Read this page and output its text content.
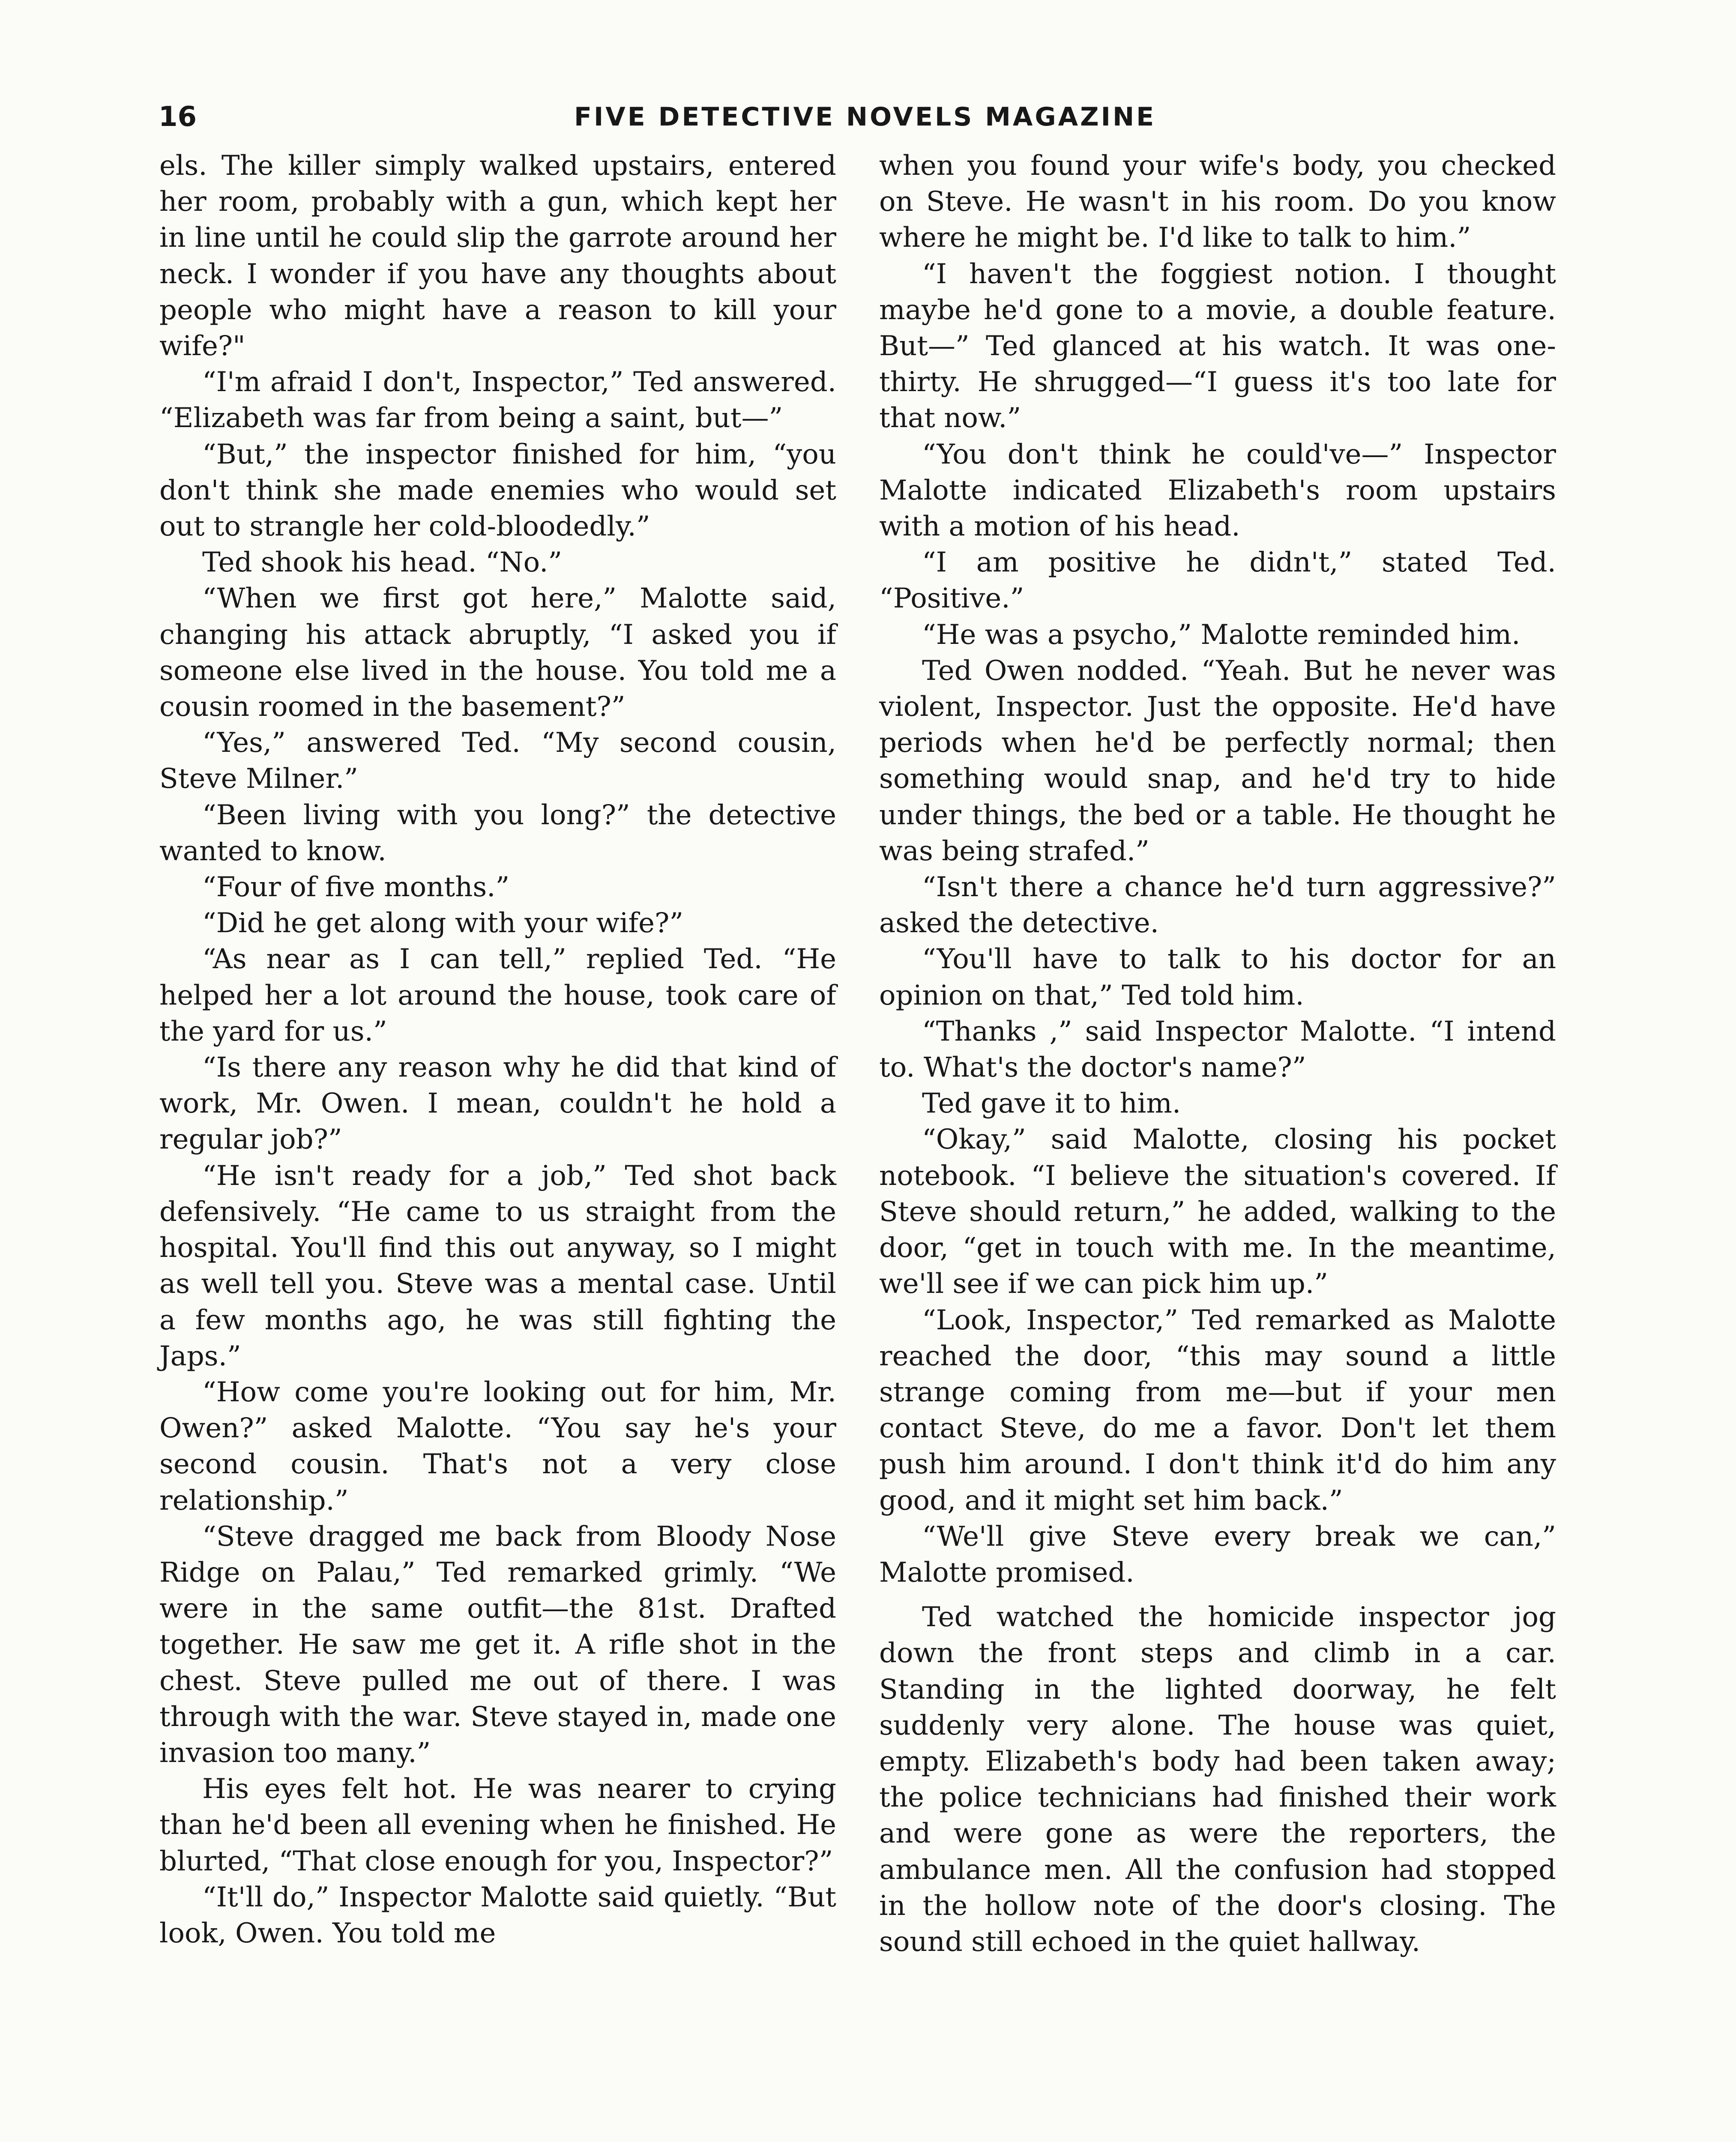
16	FIVE DETECTIVE NOVELS MAGAZINE

els. The killer simply walked upstairs, entered her room, probably with a gun, which kept her in line until he could slip the garrote around her neck. I wonder if you have any thoughts about people who might have a reason to kill your wife?"

“I'm afraid I don't, Inspector,” Ted answered. “Elizabeth was far from being a saint, but—”

“But,” the inspector finished for him, “you don't think she made enemies who would set out to strangle her cold-bloodedly.”

Ted shook his head. “No.”

“When we first got here,” Malotte said, changing his attack abruptly, “I asked you if someone else lived in the house. You told me a cousin roomed in the basement?”

“Yes,” answered Ted. “My second cousin, Steve Milner.”

“Been living with you long?” the detective wanted to know.

“Four of five months.”

“Did he get along with your wife?”

“As near as I can tell,” replied Ted. “He helped her a lot around the house, took care of the yard for us.”

“Is there any reason why he did that kind of work, Mr. Owen. I mean, couldn't he hold a regular job?”

“He isn't ready for a job,” Ted shot back defensively. “He came to us straight from the hospital. You'll find this out anyway, so I might as well tell you. Steve was a mental case. Until a few months ago, he was still fighting the Japs.”

“How come you're looking out for him, Mr. Owen?” asked Malotte. “You say he's your second cousin. That's not a very close relationship.”

“Steve dragged me back from Bloody Nose Ridge on Palau,” Ted remarked grimly. “We were in the same outfit—the 81st. Drafted together. He saw me get it. A rifle shot in the chest. Steve pulled me out of there. I was through with the war. Steve stayed in, made one invasion too many.”

His eyes felt hot. He was nearer to crying than he'd been all evening when he finished. He blurted, “That close enough for you, Inspector?”

“It'll do,” Inspector Malotte said quietly. “But look, Owen. You told me

when you found your wife's body, you checked on Steve. He wasn't in his room. Do you know where he might be. I'd like to talk to him.”

“I haven't the foggiest notion. I thought maybe he'd gone to a movie, a double feature. But—” Ted glanced at his watch. It was one-thirty. He shrugged—“I guess it's too late for that now.”

“You don't think he could've—” Inspector Malotte indicated Elizabeth's room upstairs with a motion of his head.

“I am positive he didn't,” stated Ted. “Positive.”

“He was a psycho,” Malotte reminded him.

Ted Owen nodded. “Yeah. But he never was violent, Inspector. Just the opposite. He'd have periods when he'd be perfectly normal; then something would snap, and he'd try to hide under things, the bed or a table. He thought he was being strafed.”

“Isn't there a chance he'd turn aggressive?” asked the detective.

“You'll have to talk to his doctor for an opinion on that,” Ted told him.

“Thanks ,” said Inspector Malotte. “I intend to. What's the doctor's name?”

Ted gave it to him.

“Okay,” said Malotte, closing his pocket notebook. “I believe the situation's covered. If Steve should return,” he added, walking to the door, “get in touch with me. In the meantime, we'll see if we can pick him up.”

“Look, Inspector,” Ted remarked as Malotte reached the door, “this may sound a little strange coming from me—but if your men contact Steve, do me a favor. Don't let them push him around. I don't think it'd do him any good, and it might set him back.”

“We'll give Steve every break we can,” Malotte promised.

Ted watched the homicide inspector jog down the front steps and climb in a car. Standing in the lighted doorway, he felt suddenly very alone. The house was quiet, empty. Elizabeth's body had been taken away; the police technicians had finished their work and were gone as were the reporters, the ambulance men. All the confusion had stopped in the hollow note of the door's closing. The sound still echoed in the quiet hallway.
